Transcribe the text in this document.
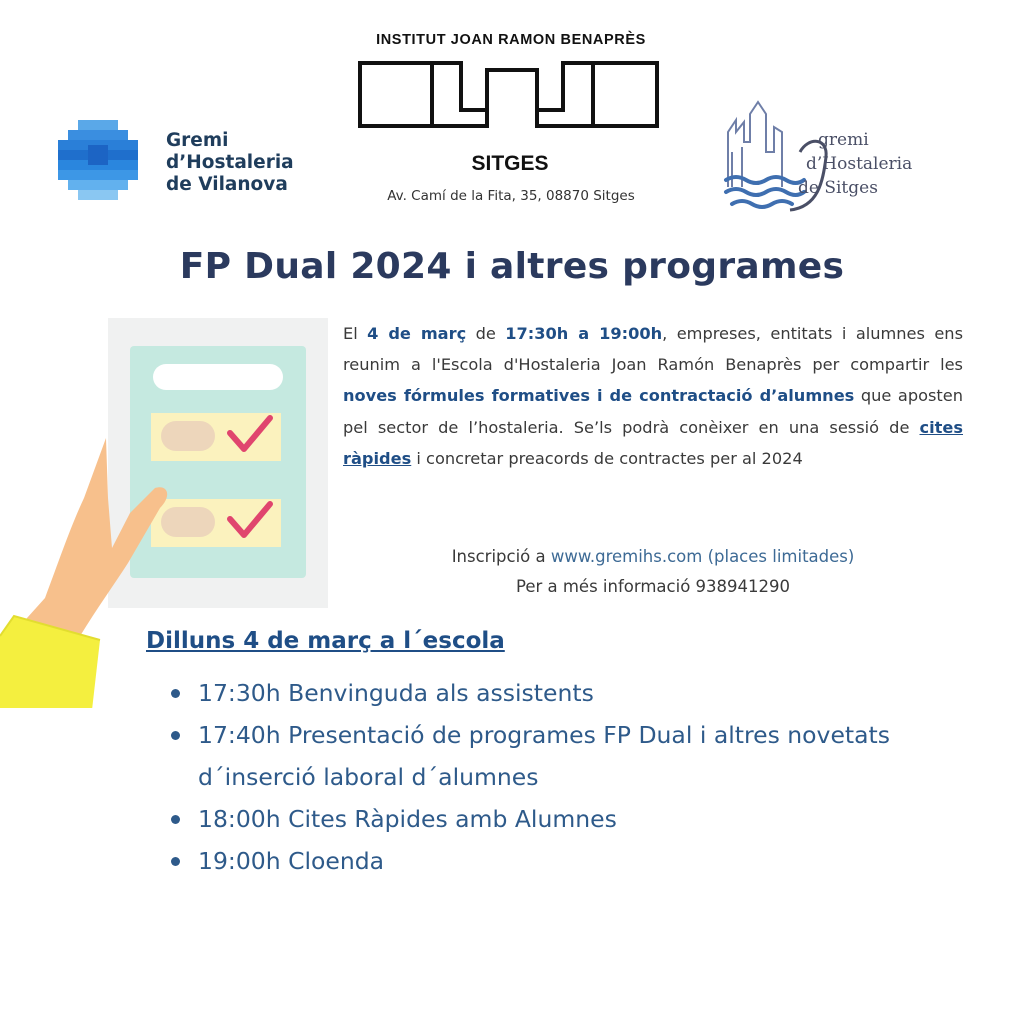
Gremi
d’Hostaleria
de Vilanova
INSTITUT JOAN RAMON BENAPRÈS
SITGES
Av. Camí de la Fita, 35, 08870 Sitges
gremi
d’Hostaleria
de Sitges
FP Dual 2024 i altres programes
El 4 de març de 17:30h a 19:00h, empreses, entitats i alumnes ens reunim a l'Escola d'Hostaleria Joan Ramón Benaprès per compartir les noves fórmules formatives i de contractació d’alumnes que aposten pel sector de l’hostaleria. Se’ls podrà conèixer en una sessió de cites ràpides i concretar preacords de contractes per al 2024
Inscripció a www.gremihs.com (places limitades)
Per a més informació 938941290
Dilluns 4 de març a l´escola
17:30h Benvinguda als assistents
17:40h Presentació de programes FP Dual i altres novetats d´inserció laboral d´alumnes
18:00h Cites Ràpides amb Alumnes
19:00h Cloenda
